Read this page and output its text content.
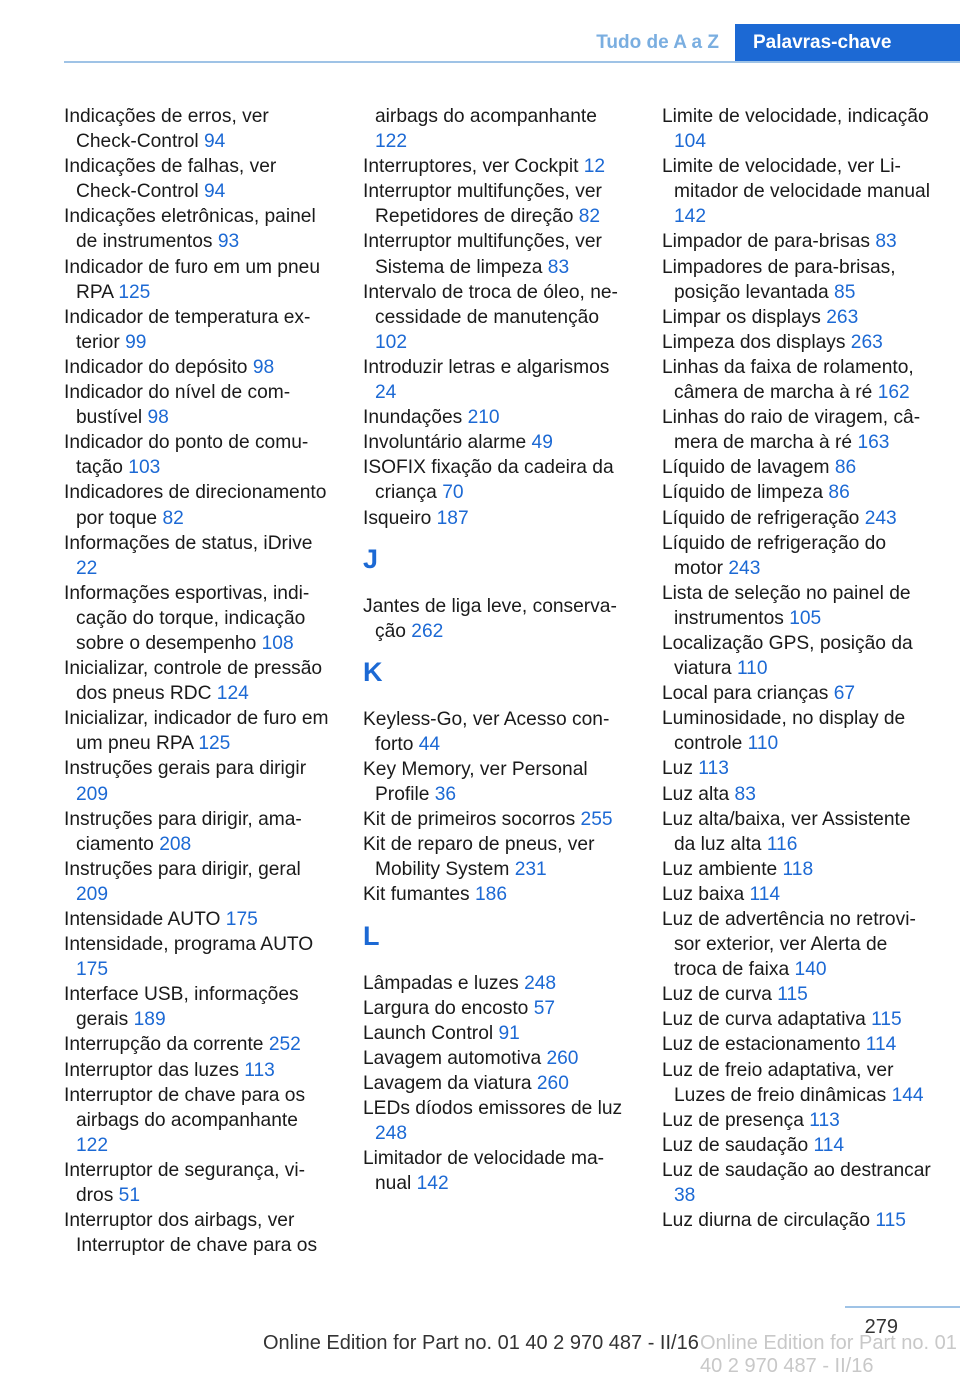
Tudo de A a Z	Palavras-chave
Indicações de erros, ver Check-Control 94
Indicações de falhas, ver Check-Control 94
Indicações eletrônicas, painel de instrumentos 93
Indicador de furo em um pneu RPA 125
Indicador de temperatura exterior 99
Indicador do depósito 98
Indicador do nível de combustível 98
Indicador do ponto de comutação 103
Indicadores de direcionamento por toque 82
Informações de status, iDrive 22
Informações esportivas, indicação do torque, indicação sobre o desempenho 108
Inicializar, controle de pressão dos pneus RDC 124
Inicializar, indicador de furo em um pneu RPA 125
Instruções gerais para dirigir 209
Instruções para dirigir, amaciamento 208
Instruções para dirigir, geral 209
Intensidade AUTO 175
Intensidade, programa AUTO 175
Interface USB, informações gerais 189
Interrupção da corrente 252
Interruptor das luzes 113
Interruptor de chave para os airbags do acompanhante 122
Interruptor de segurança, vidros 51
Interruptor dos airbags, ver Interruptor de chave para os
airbags do acompanhante 122
Interruptores, ver Cockpit 12
Interruptor multifunções, ver Repetidores de direção 82
Interruptor multifunções, ver Sistema de limpeza 83
Intervalo de troca de óleo, necessidade de manutenção 102
Introduzir letras e algarismos 24
Inundações 210
Involuntário alarme 49
ISOFIX fixação da cadeira da criança 70
Isqueiro 187
J
Jantes de liga leve, conservação 262
K
Keyless-Go, ver Acesso conforto 44
Key Memory, ver Personal Profile 36
Kit de primeiros socorros 255
Kit de reparo de pneus, ver Mobility System 231
Kit fumantes 186
L
Lâmpadas e luzes 248
Largura do encosto 57
Launch Control 91
Lavagem automotiva 260
Lavagem da viatura 260
LEDs díodos emissores de luz 248
Limitador de velocidade manual 142
Limite de velocidade, indicação 104
Limite de velocidade, ver Limitador de velocidade manual 142
Limpador de para-brisas 83
Limpadores de para-brisas, posição levantada 85
Limpar os displays 263
Limpeza dos displays 263
Linhas da faixa de rolamento, câmera de marcha à ré 162
Linhas do raio de viragem, câmera de marcha à ré 163
Líquido de lavagem 86
Líquido de limpeza 86
Líquido de refrigeração 243
Líquido de refrigeração do motor 243
Lista de seleção no painel de instrumentos 105
Localização GPS, posição da viatura 110
Local para crianças 67
Luminosidade, no display de controle 110
Luz 113
Luz alta 83
Luz alta/baixa, ver Assistente da luz alta 116
Luz ambiente 118
Luz baixa 114
Luz de advertência no retrovisor exterior, ver Alerta de troca de faixa 140
Luz de curva 115
Luz de curva adaptativa 115
Luz de estacionamento 114
Luz de freio adaptativa, ver Luzes de freio dinâmicas 144
Luz de presença 113
Luz de saudação 114
Luz de saudação ao destrancar 38
Luz diurna de circulação 115
279
Online Edition for Part no. 01 40 2 970 487 - II/16 Online Edition for Part no. 01 40 2 970 487 - II/16
